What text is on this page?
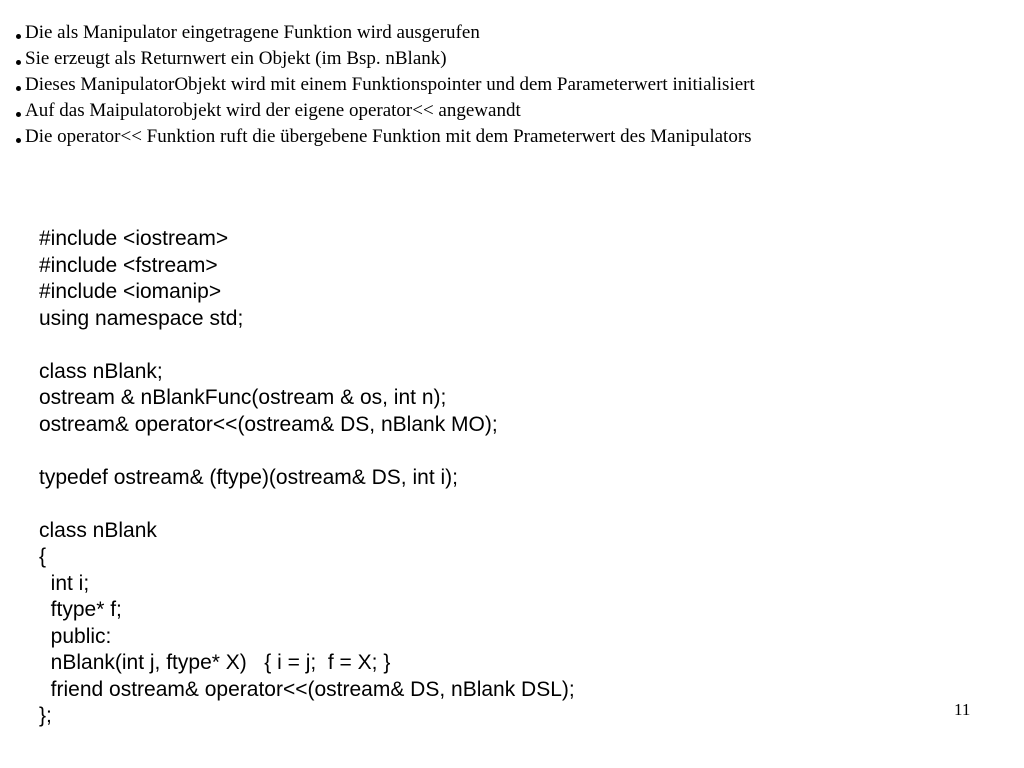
Die als Manipulator eingetragene Funktion wird ausgerufen
Sie erzeugt als Returnwert ein Objekt (im Bsp. nBlank)
Dieses ManipulatorObjekt wird mit einem Funktionspointer und dem Parameterwert initialisiert
Auf das Maipulatorobjekt wird der eigene operator<< angewandt
Die operator<< Funktion ruft die übergebene Funktion mit dem Prameterwert des Manipulators
#include <iostream>
#include <fstream>
#include <iomanip>
using namespace std;
class nBlank;
ostream & nBlankFunc(ostream & os, int n);
ostream& operator<<(ostream& DS, nBlank MO);
typedef ostream& (ftype)(ostream& DS, int i);
class nBlank
{
int i;
ftype* f;
public:
nBlank(int j, ftype* X)   { i = j;  f = X; }
friend ostream& operator<<(ostream& DS, nBlank DSL);
};	11
